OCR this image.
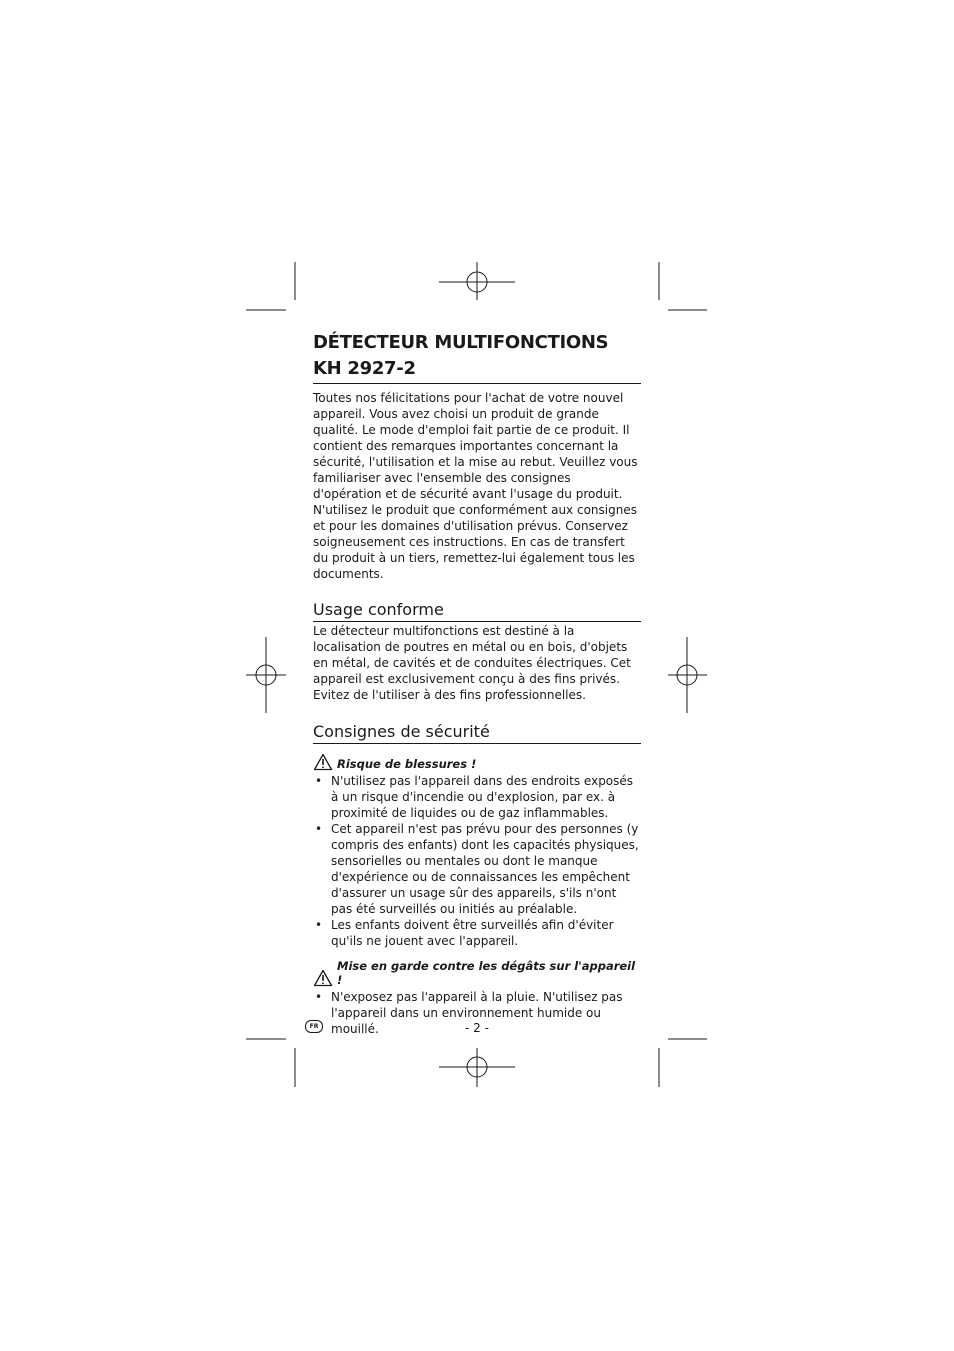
DÉTECTEUR MULTIFONCTIONS
KH 2927-2

Toutes nos félicitations pour l'achat de votre nouvel appareil. Vous avez choisi un produit de grande qualité. Le mode d'emploi fait partie de ce produit. Il contient des remarques importantes concernant la sécurité, l'utilisation et la mise au rebut. Veuillez vous familiariser avec l'ensemble des consignes d'opération et de sécurité avant l'usage du produit. N'utilisez le produit que conformément aux consignes et pour les domaines d'utilisation prévus. Conservez soigneusement ces instructions. En cas de transfert du produit à un tiers, remettez-lui également tous les documents.

Usage conforme

Le détecteur multifonctions est destiné à la localisation de poutres en métal ou en bois, d'objets en métal, de cavités et de conduites électriques. Cet appareil est exclusivement conçu à des fins privés. Evitez de l'utiliser à des fins professionnelles.

Consignes de sécurité
Risque de blessures !
• N'utilisez pas l'appareil dans des endroits exposés à un risque d'incendie ou d'explosion, par ex. à proximité de liquides ou de gaz inflammables.
• Cet appareil n'est pas prévu pour des personnes (y compris des enfants) dont les capacités physiques, sensorielles ou mentales ou dont le manque d'expérience ou de connaissances les empêchent d'assurer un usage sûr des appareils, s'ils n'ont pas été surveillés ou initiés au préalable.
• Les enfants doivent être surveillés afin d'éviter qu'ils ne jouent avec l'appareil.
Mise en garde contre les dégâts sur l'appareil !
• N'exposez pas l'appareil à la pluie. N'utilisez pas l'appareil dans un environnement humide ou mouillé.
FR	- 2 -
